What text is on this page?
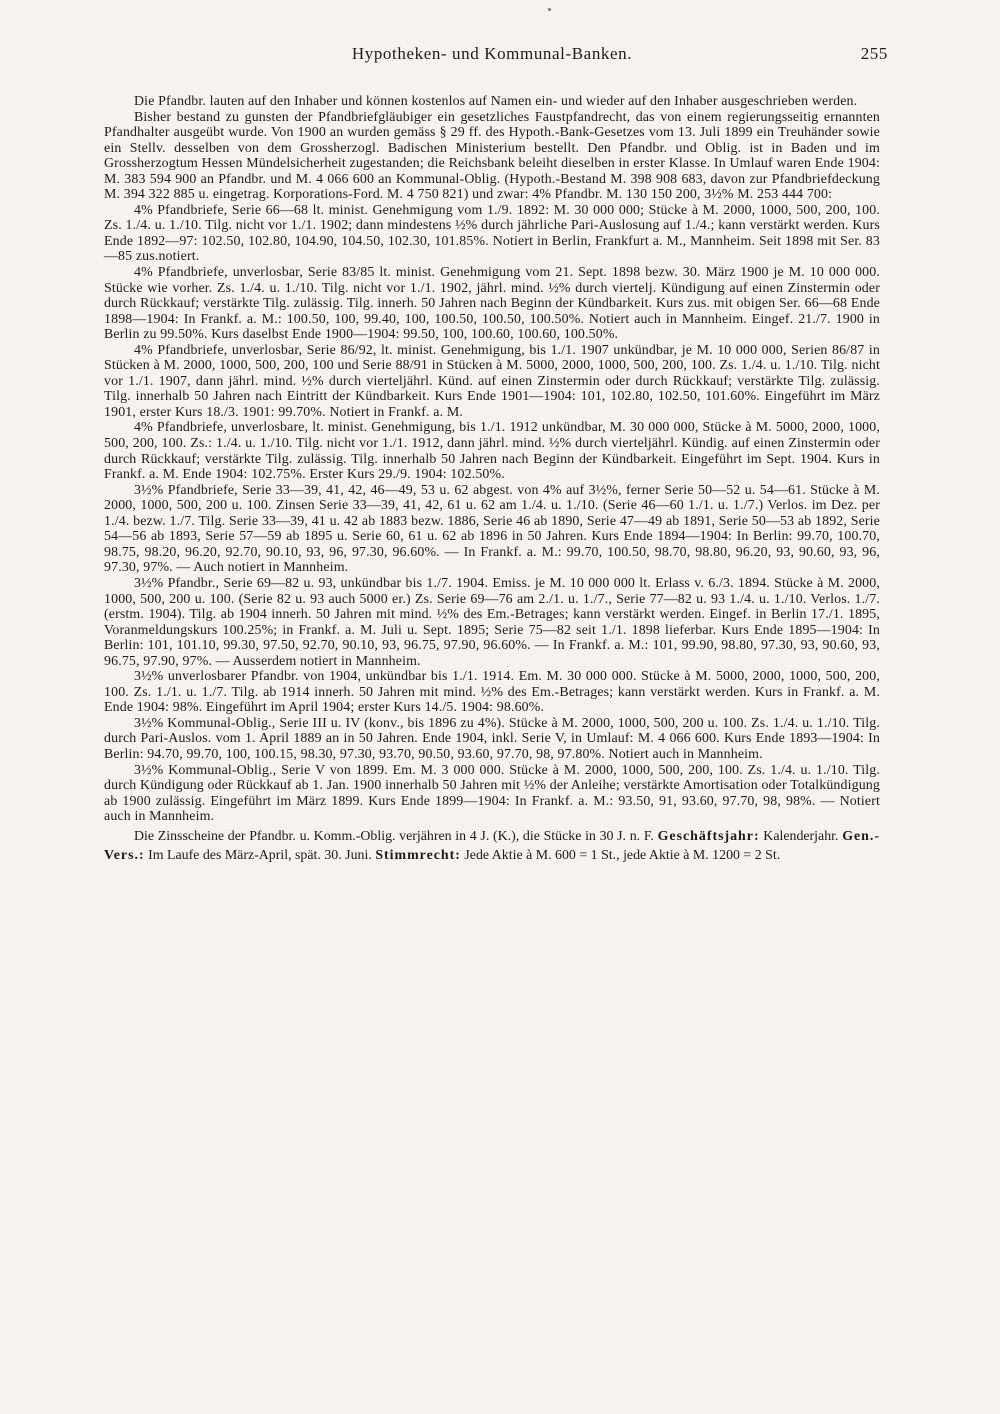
Hypotheken- und Kommunal-Banken.	255

Die Pfandbr. lauten auf den Inhaber und können kostenlos auf Namen ein- und wieder auf den Inhaber ausgeschrieben werden.

Bisher bestand zu gunsten der Pfandbriefgläubiger ein gesetzliches Faustpfandrecht, das von einem regierungsseitig ernannten Pfandhalter ausgeübt wurde. Von 1900 an wurden gemäss § 29 ff. des Hypoth.-Bank-Gesetzes vom 13. Juli 1899 ein Treuhänder sowie ein Stellv. desselben von dem Grossherzogl. Badischen Ministerium bestellt. Den Pfandbr. und Oblig. ist in Baden und im Grossherzogtum Hessen Mündelsicherheit zugestanden; die Reichsbank beleiht dieselben in erster Klasse. In Umlauf waren Ende 1904: M. 383 594 900 an Pfandbr. und M. 4 066 600 an Kommunal-Oblig. (Hypoth.-Bestand M. 398 908 683, davon zur Pfandbriefdeckung M. 394 322 885 u. eingetrag. Korporations-Ford. M. 4 750 821) und zwar: 4% Pfandbr. M. 130 150 200, 3½% M. 253 444 700:

4% Pfandbriefe, Serie 66—68 lt. minist. Genehmigung vom 1./9. 1892: M. 30 000 000; Stücke à M. 2000, 1000, 500, 200, 100. Zs. 1./4. u. 1./10. Tilg. nicht vor 1./1. 1902; dann mindestens ½% durch jährliche Pari-Auslosung auf 1./4.; kann verstärkt werden. Kurs Ende 1892—97: 102.50, 102.80, 104.90, 104.50, 102.30, 101.85%. Notiert in Berlin, Frankfurt a. M., Mannheim. Seit 1898 mit Ser. 83—85 zus.notiert.

4% Pfandbriefe, unverlosbar, Serie 83/85 lt. minist. Genehmigung vom 21. Sept. 1898 bezw. 30. März 1900 je M. 10 000 000. Stücke wie vorher. Zs. 1./4. u. 1./10. Tilg. nicht vor 1./1. 1902, jährl. mind. ½% durch viertelj. Kündigung auf einen Zinstermin oder durch Rückkauf; verstärkte Tilg. zulässig. Tilg. innerh. 50 Jahren nach Beginn der Kündbarkeit. Kurs zus. mit obigen Ser. 66—68 Ende 1898—1904: In Frankf. a. M.: 100.50, 100, 99.40, 100, 100.50, 100.50, 100.50%. Notiert auch in Mannheim. Eingef. 21./7. 1900 in Berlin zu 99.50%. Kurs daselbst Ende 1900—1904: 99.50, 100, 100.60, 100.60, 100.50%.

4% Pfandbriefe, unverlosbar, Serie 86/92, lt. minist. Genehmigung, bis 1./1. 1907 unkündbar, je M. 10 000 000, Serien 86/87 in Stücken à M. 2000, 1000, 500, 200, 100 und Serie 88/91 in Stücken à M. 5000, 2000, 1000, 500, 200, 100. Zs. 1./4. u. 1./10. Tilg. nicht vor 1./1. 1907, dann jährl. mind. ½% durch vierteljährl. Künd. auf einen Zinstermin oder durch Rückkauf; verstärkte Tilg. zulässig. Tilg. innerhalb 50 Jahren nach Eintritt der Kündbarkeit. Kurs Ende 1901—1904: 101, 102.80, 102.50, 101.60%. Eingeführt im März 1901, erster Kurs 18./3. 1901: 99.70%. Notiert in Frankf. a. M.

4% Pfandbriefe, unverlosbare, lt. minist. Genehmigung, bis 1./1. 1912 unkündbar, M. 30 000 000, Stücke à M. 5000, 2000, 1000, 500, 200, 100. Zs.: 1./4. u. 1./10. Tilg. nicht vor 1./1. 1912, dann jährl. mind. ½% durch vierteljährl. Kündig. auf einen Zinstermin oder durch Rückkauf; verstärkte Tilg. zulässig. Tilg. innerhalb 50 Jahren nach Beginn der Kündbarkeit. Eingeführt im Sept. 1904. Kurs in Frankf. a. M. Ende 1904: 102.75%. Erster Kurs 29./9. 1904: 102.50%.

3½% Pfandbriefe, Serie 33—39, 41, 42, 46—49, 53 u. 62 abgest. von 4% auf 3½%, ferner Serie 50—52 u. 54—61. Stücke à M. 2000, 1000, 500, 200 u. 100. Zinsen Serie 33—39, 41, 42, 61 u. 62 am 1./4. u. 1./10. (Serie 46—60 1./1. u. 1./7.) Verlos. im Dez. per 1./4. bezw. 1./7. Tilg. Serie 33—39, 41 u. 42 ab 1883 bezw. 1886, Serie 46 ab 1890, Serie 47—49 ab 1891, Serie 50—53 ab 1892, Serie 54—56 ab 1893, Serie 57—59 ab 1895 u. Serie 60, 61 u. 62 ab 1896 in 50 Jahren. Kurs Ende 1894—1904: In Berlin: 99.70, 100.70, 98.75, 98.20, 96.20, 92.70, 90.10, 93, 96, 97.30, 96.60%. — In Frankf. a. M.: 99.70, 100.50, 98.70, 98.80, 96.20, 93, 90.60, 93, 96, 97.30, 97%. — Auch notiert in Mannheim.

3½% Pfandbr., Serie 69—82 u. 93, unkündbar bis 1./7. 1904. Emiss. je M. 10 000 000 lt. Erlass v. 6./3. 1894. Stücke à M. 2000, 1000, 500, 200 u. 100. (Serie 82 u. 93 auch 5000 er.) Zs. Serie 69—76 am 2./1. u. 1./7., Serie 77—82 u. 93 1./4. u. 1./10. Verlos. 1./7. (erstm. 1904). Tilg. ab 1904 innerh. 50 Jahren mit mind. ½% des Em.-Betrages; kann verstärkt werden. Eingef. in Berlin 17./1. 1895, Voranmeldungskurs 100.25%; in Frankf. a. M. Juli u. Sept. 1895; Serie 75—82 seit 1./1. 1898 lieferbar. Kurs Ende 1895—1904: In Berlin: 101, 101.10, 99.30, 97.50, 92.70, 90.10, 93, 96.75, 97.90, 96.60%. — In Frankf. a. M.: 101, 99.90, 98.80, 97.30, 93, 90.60, 93, 96.75, 97.90, 97%. — Ausserdem notiert in Mannheim.

3½% unverlosbarer Pfandbr. von 1904, unkündbar bis 1./1. 1914. Em. M. 30 000 000. Stücke à M. 5000, 2000, 1000, 500, 200, 100. Zs. 1./1. u. 1./7. Tilg. ab 1914 innerh. 50 Jahren mit mind. ½% des Em.-Betrages; kann verstärkt werden. Kurs in Frankf. a. M. Ende 1904: 98%. Eingeführt im April 1904; erster Kurs 14./5. 1904: 98.60%.

3½% Kommunal-Oblig., Serie III u. IV (konv., bis 1896 zu 4%). Stücke à M. 2000, 1000, 500, 200 u. 100. Zs. 1./4. u. 1./10. Tilg. durch Pari-Auslos. vom 1. April 1889 an in 50 Jahren. Ende 1904, inkl. Serie V, in Umlauf: M. 4 066 600. Kurs Ende 1893—1904: In Berlin: 94.70, 99.70, 100, 100.15, 98.30, 97.30, 93.70, 90.50, 93.60, 97.70, 98, 97.80%. Notiert auch in Mannheim.

3½% Kommunal-Oblig., Serie V von 1899. Em. M. 3 000 000. Stücke à M. 2000, 1000, 500, 200, 100. Zs. 1./4. u. 1./10. Tilg. durch Kündigung oder Rückkauf ab 1. Jan. 1900 innerhalb 50 Jahren mit ½% der Anleihe; verstärkte Amortisation oder Totalkündigung ab 1900 zulässig. Eingeführt im März 1899. Kurs Ende 1899—1904: In Frankf. a. M.: 93.50, 91, 93.60, 97.70, 98, 98%. — Notiert auch in Mannheim.

Die Zinsscheine der Pfandbr. u. Komm.-Oblig. verjähren in 4 J. (K.), die Stücke in 30 J. n. F. Geschäftsjahr: Kalenderjahr. Gen.-Vers.: Im Laufe des März-April, spät. 30. Juni. Stimmrecht: Jede Aktie à M. 600 = 1 St., jede Aktie à M. 1200 = 2 St.
